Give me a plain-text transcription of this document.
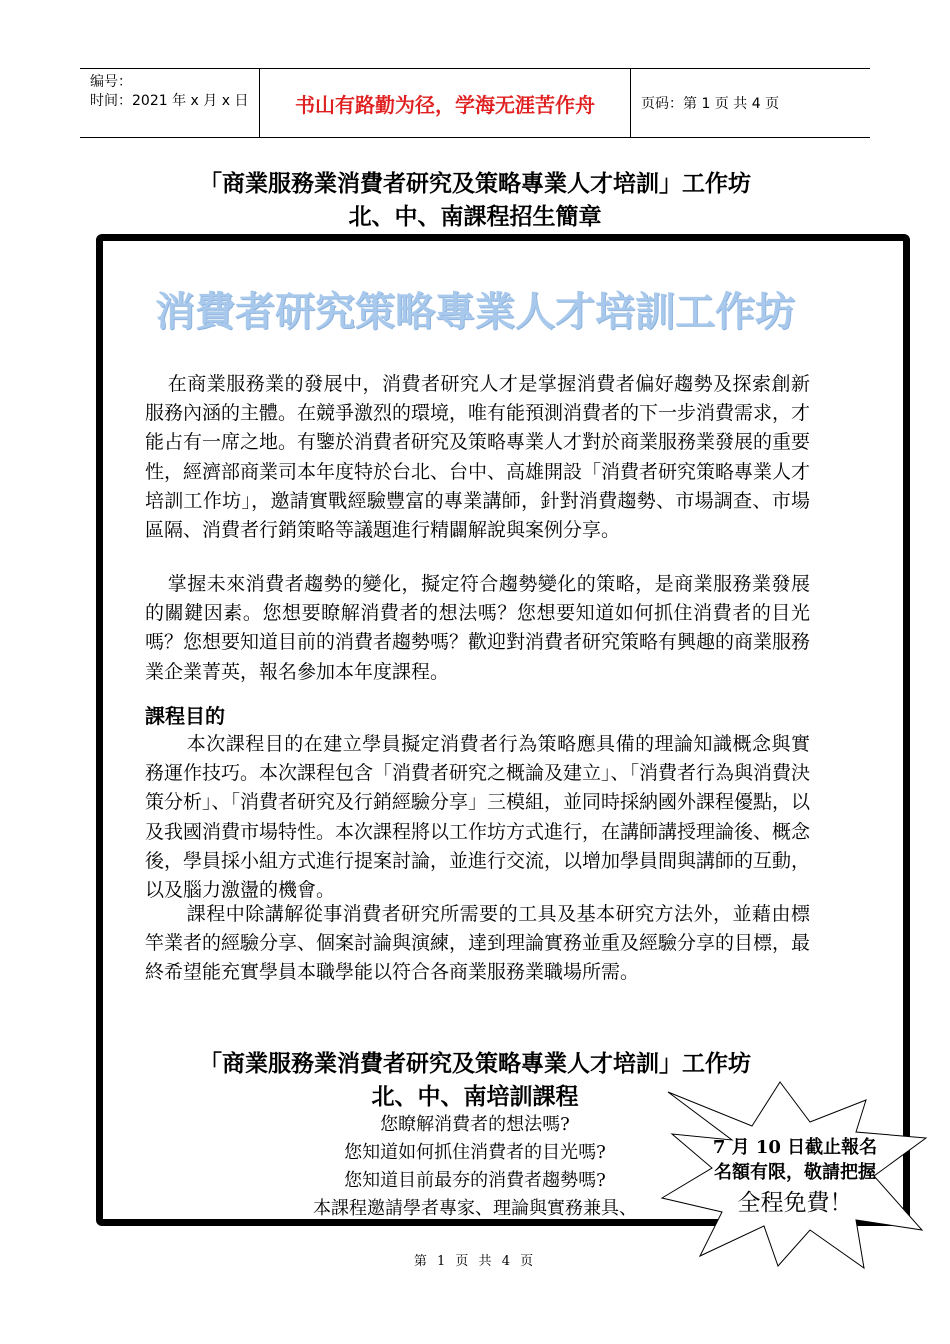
编号：
时间：2021 年 x 月 x 日	书山有路勤为径，学海无涯苦作舟	页码：第 1 页 共 4 页
「商業服務業消費者研究及策略專業人才培訓」工作坊
北、中、南課程招生簡章
消費者研究策略專業人才培訓工作坊
在商業服務業的發展中，消費者研究人才是掌握消費者偏好趨勢及探索創新服務內涵的主體。在競爭激烈的環境，唯有能預測消費者的下一步消費需求，才能占有一席之地。有鑒於消費者研究及策略專業人才對於商業服務業發展的重要性，經濟部商業司本年度特於台北、台中、高雄開設「消費者研究策略專業人才培訓工作坊」，邀請實戰經驗豐富的專業講師，針對消費趨勢、市場調查、市場區隔、消費者行銷策略等議題進行精闢解說與案例分享。
掌握未來消費者趨勢的變化，擬定符合趨勢變化的策略，是商業服務業發展的關鍵因素。您想要瞭解消費者的想法嗎？您想要知道如何抓住消費者的目光嗎？您想要知道目前的消費者趨勢嗎？歡迎對消費者研究策略有興趣的商業服務業企業菁英，報名參加本年度課程。
課程目的
本次課程目的在建立學員擬定消費者行為策略應具備的理論知識概念與實務運作技巧。本次課程包含「消費者研究之概論及建立」、「消費者行為與消費決策分析」、「消費者研究及行銷經驗分享」三模組，並同時採納國外課程優點，以及我國消費市場特性。本次課程將以工作坊方式進行，在講師講授理論後、概念後，學員採小組方式進行提案討論，並進行交流，以增加學員間與講師的互動，以及腦力激盪的機會。
課程中除講解從事消費者研究所需要的工具及基本研究方法外，並藉由標竿業者的經驗分享、個案討論與演練，達到理論實務並重及經驗分享的目標，最終希望能充實學員本職學能以符合各商業服務業職場所需。
「商業服務業消費者研究及策略專業人才培訓」工作坊
北、中、南培訓課程
您瞭解消費者的想法嗎?
您知道如何抓住消費者的目光嗎?
您知道目前最夯的消費者趨勢嗎?
本課程邀請學者專家、理論與實務兼具、
7 月 10 日截止報名
名額有限，敬請把握
全程免費！
第 1 页 共 4 页
